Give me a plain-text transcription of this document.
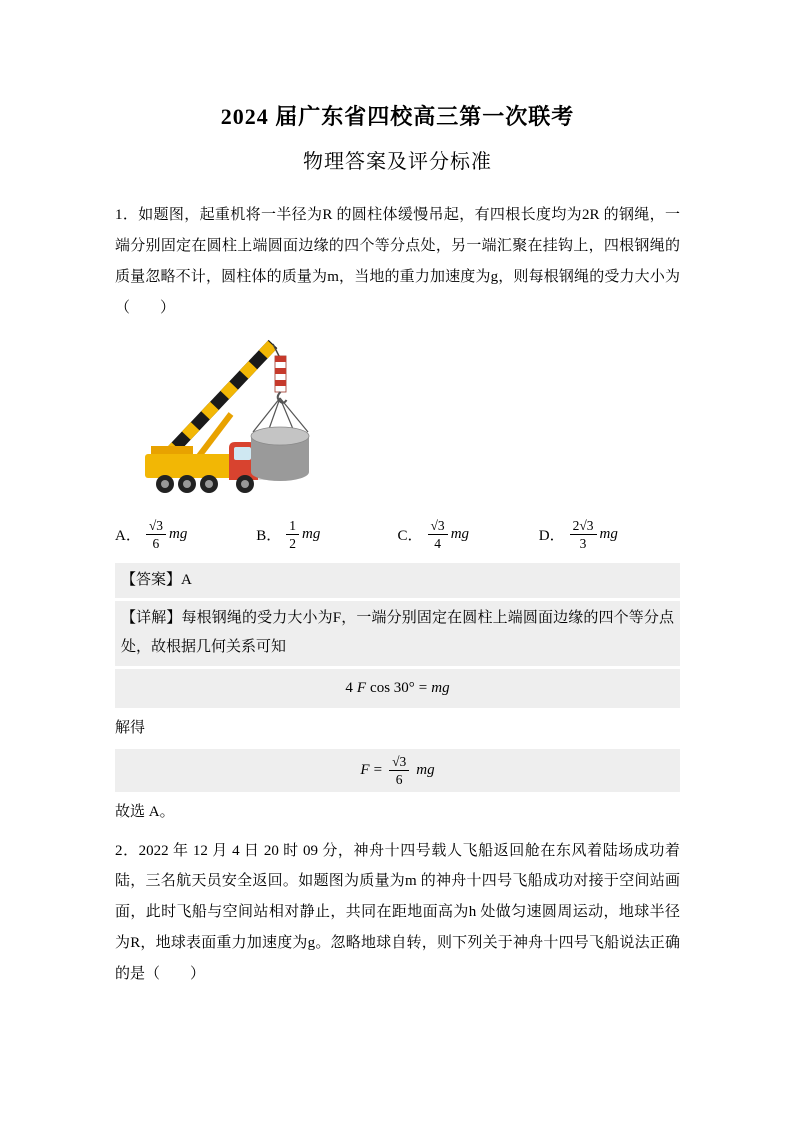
2024 届广东省四校高三第一次联考
物理答案及评分标准

1．如题图，起重机将一半径为R 的圆柱体缓慢吊起，有四根长度均为2R 的钢绳，一端分别固定在圆柱上端圆面边缘的四个等分点处，另一端汇聚在挂钩上，四根钢绳的质量忽略不计，圆柱体的质量为m，当地的重力加速度为g，则每根钢绳的受力大小为（　　）

A． $\frac{√3}{6}$ mg	B． $\frac{1}{2}$ mg	C． $\frac{√3}{4}$ mg	D． $\frac{2√3}{3}$ mg
【答案】A
【详解】每根钢绳的受力大小为F，一端分别固定在圆柱上端圆面边缘的四个等分点处，故根据几何关系可知
4 F cos 30° = mg

解得

$F = \frac{√3}{6}$ mg

故选 A。

2．2022 年 12 月 4 日 20 时 09 分，神舟十四号载人飞船返回舱在东风着陆场成功着陆，三名航天员安全返回。如题图为质量为m 的神舟十四号飞船成功对接于空间站画面，此时飞船与空间站相对静止，共同在距地面高为h 处做匀速圆周运动，地球半径为R，地球表面重力加速度为g。忽略地球自转，则下列关于神舟十四号飞船说法正确的是（　　）
